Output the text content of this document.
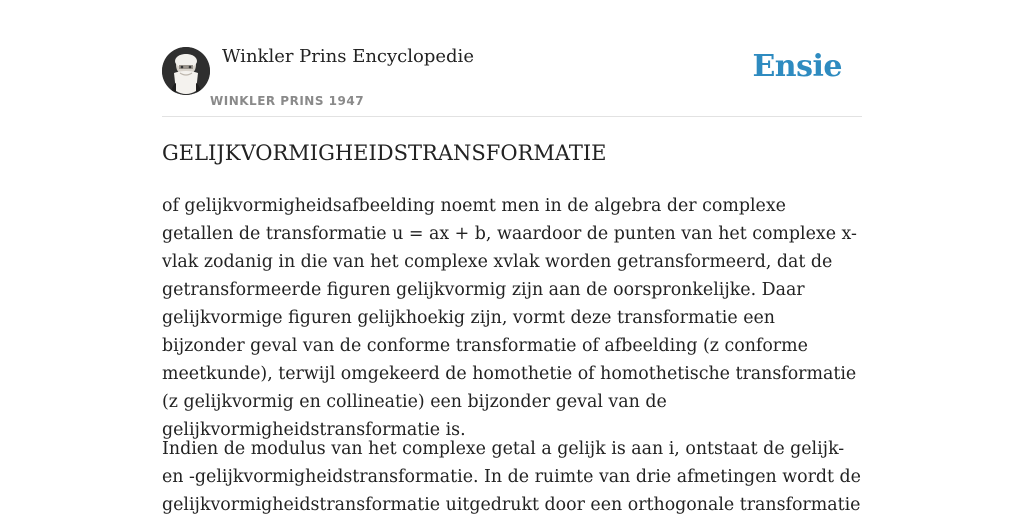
Winkler Prins Encyclopedie
WINKLER PRINS 1947
Ensie
GELIJKVORMIGHEIDSTRANSFORMATIE

of gelijkvormigheidsafbeelding noemt men in de algebra der complexe getallen de transformatie u = ax + b, waardoor de punten van het complexe x-vlak zodanig in die van het complexe xvlak worden getransformeerd, dat de getransformeerde figuren gelijkvormig zijn aan de oorspronkelijke. Daar gelijkvormige figuren gelijkhoekig zijn, vormt deze transformatie een bijzonder geval van de conforme transformatie of afbeelding (z conforme meetkunde), terwijl omgekeerd de homothetie of homothetische transformatie (z gelijkvormig en collineatie) een bijzonder geval van de gelijkvormigheidstransformatie is.

Indien de modulus van het complexe getal a gelijk is aan i, ontstaat de gelijk-en -gelijkvormigheidstransformatie. In de ruimte van drie afmetingen wordt de gelijkvormigheidstransformatie uitgedrukt door een orthogonale transformatie
